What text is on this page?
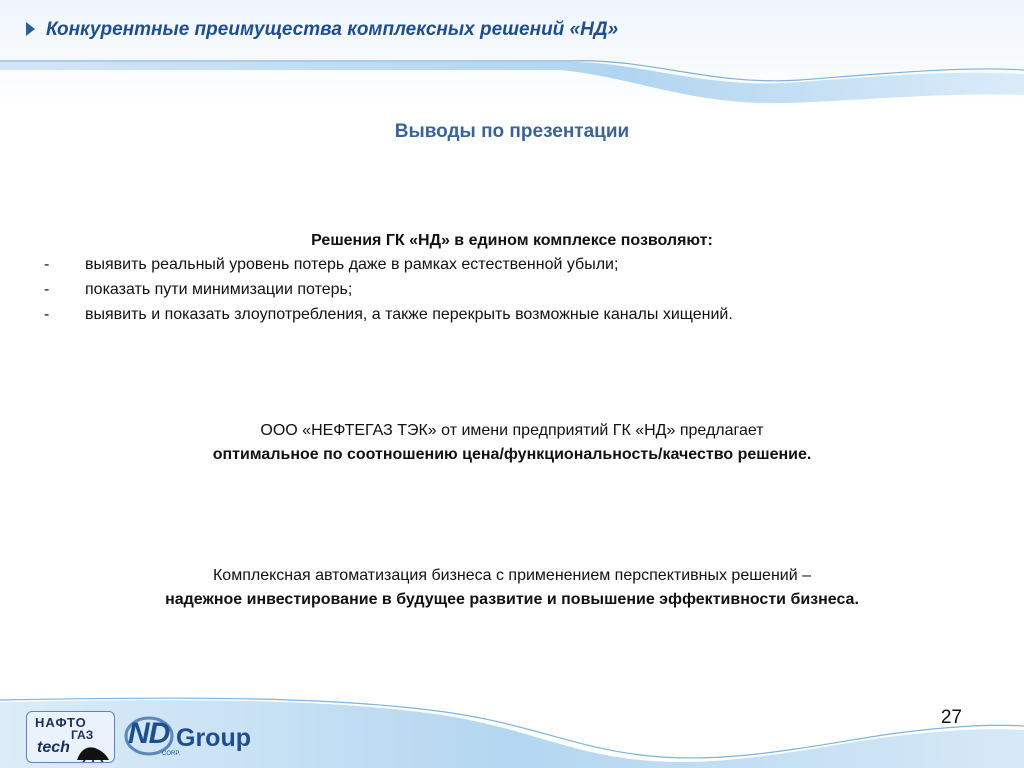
Конкурентные преимущества комплексных решений «НД»
Выводы по презентации
Решения ГК «НД» в едином комплексе позволяют:
- выявить реальный уровень потерь даже в рамках естественной убыли;
- показать пути минимизации потерь;
- выявить и показать злоупотребления, а также перекрыть возможные каналы хищений.
ООО «НЕФТЕГАЗ ТЭК» от имени предприятий ГК «НД» предлагает
оптимальное по соотношению цена/функциональность/качество решение.
Комплексная автоматизация бизнеса с применением перспективных решений –
надежное инвестирование в будущее развитие и повышение эффективности бизнеса.
НАФТО
ГАЗ
tech ND Group
CORP.
27
